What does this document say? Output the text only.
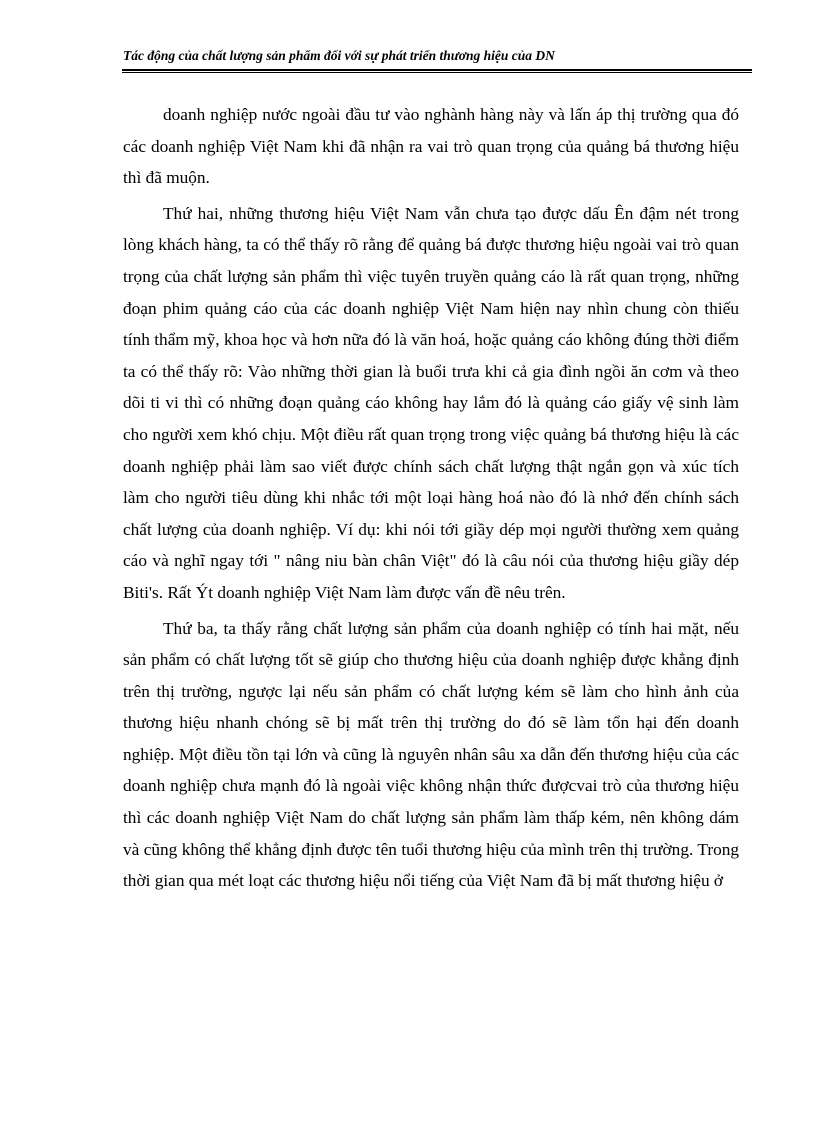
Tác động của chất lượng sản phẩm đối với sự phát triển thương hiệu của DN

doanh nghiệp nước ngoài đầu tư vào nghành hàng này và lấn áp thị trường qua đó các doanh nghiệp Việt Nam khi đã nhận ra vai trò quan trọng của quảng bá thương hiệu thì đã muộn.

Thứ hai, những thương hiệu Việt Nam vẫn chưa tạo được dấu Ên đậm nét trong lòng khách hàng, ta có thể thấy rõ rằng để quảng bá được thương hiệu ngoài vai trò quan trọng của chất lượng sản phẩm thì việc tuyên truyền quảng cáo là rất quan trọng, những đoạn phim quảng cáo của các doanh nghiệp Việt Nam hiện nay nhìn chung còn thiếu tính thẩm mỹ, khoa học và hơn nữa đó là văn hoá, hoặc quảng cáo không đúng thời điểm ta có thể thấy rõ: Vào những thời gian là buổi trưa khi cả gia đình ngồi ăn cơm và theo dõi ti vi thì có những đoạn quảng cáo không hay lắm đó là quảng cáo giấy vệ sinh làm cho người xem khó chịu. Một điều rất quan trọng trong việc quảng bá thương hiệu là các doanh nghiệp phải làm sao viết được chính sách chất lượng thật ngắn gọn và xúc tích làm cho người tiêu dùng khi nhắc tới một loại hàng hoá nào đó là nhớ đến chính sách chất lượng của doanh nghiệp. Ví dụ: khi nói tới giầy dép mọi người thường xem quảng cáo và nghĩ ngay tới " nâng niu bàn chân Việt" đó là câu nói của thương hiệu giầy dép Biti's. Rất Ýt doanh nghiệp Việt Nam làm được vấn đề nêu trên.

Thứ ba, ta thấy rằng chất lượng sản phẩm của doanh nghiệp có tính hai mặt, nếu sản phẩm có chất lượng tốt sẽ giúp cho thương hiệu của doanh nghiệp được khẳng định trên thị trường, ngược lại nếu sản phẩm có chất lượng kém sẽ làm cho hình ảnh của thương hiệu nhanh chóng sẽ bị mất trên thị trường do đó sẽ làm tổn hại đến doanh nghiệp. Một điều tồn tại lớn và cũng là nguyên nhân sâu xa dẫn đến thương hiệu của các doanh nghiệp chưa mạnh đó là ngoài việc không nhận thức đượcvai trò của thương hiệu thì các doanh nghiệp Việt Nam do chất lượng sản phẩm làm thấp kém, nên không dám và cũng không thể khẳng định được tên tuổi thương hiệu của mình trên thị trường. Trong thời gian qua mét loạt các thương hiệu nổi tiếng của Việt Nam đã bị mất thương hiệu ở
